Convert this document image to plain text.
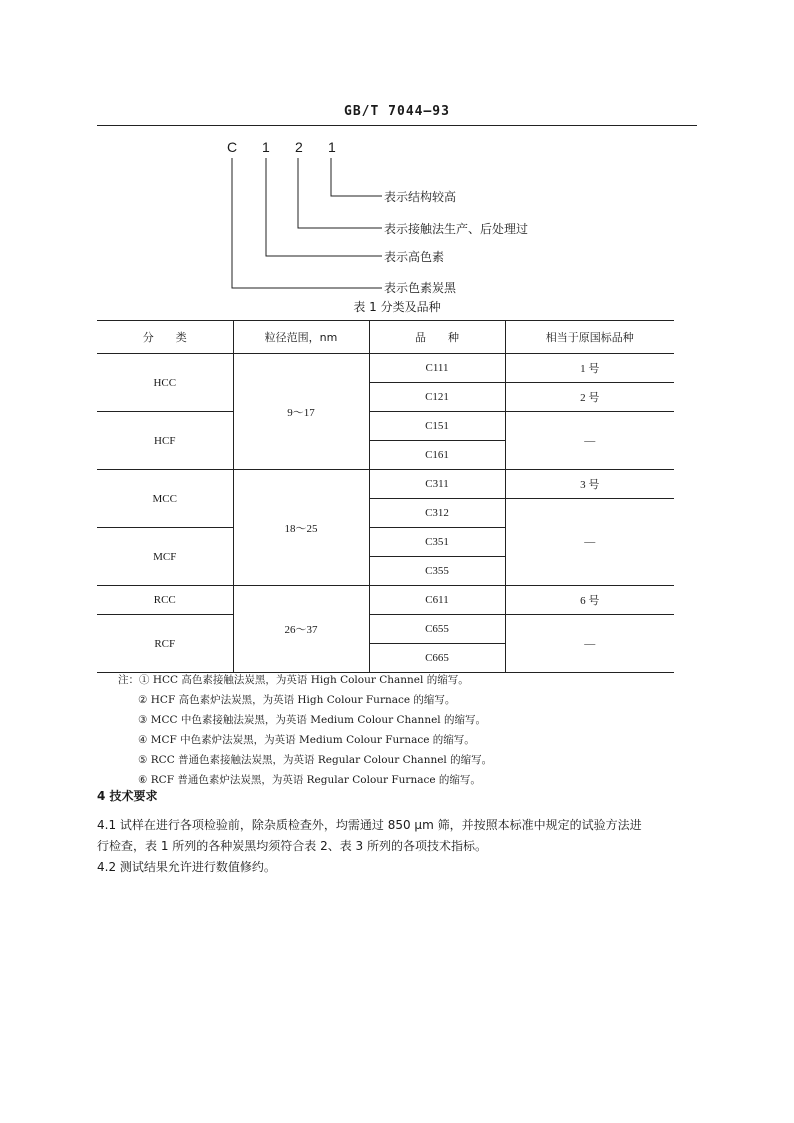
GB/T 7044—93
C 1 2 1
表示结构较高
表示接触法生产、后处理过
表示高色素
表示色素炭黑
表 1 分类及品种
分　　类	粒径范围，nm	品　　种	相当于原国标品种
HCC	9～17	C111	1 号
		C121	2 号
HCF		C151	—
		C161	
MCC	18～25	C311	3 号
		C312	—
MCF		C351	
		C355	
RCC	26～37	C611	6 号
RCF		C655	—
		C665	
注：① HCC 高色素接触法炭黑，为英语 High Colour Channel 的缩写。
② HCF 高色素炉法炭黑，为英语 High Colour Furnace 的缩写。
③ MCC 中色素接触法炭黑，为英语 Medium Colour Channel 的缩写。
④ MCF 中色素炉法炭黑，为英语 Medium Colour Furnace 的缩写。
⑤ RCC 普通色素接触法炭黑，为英语 Regular Colour Channel 的缩写。
⑥ RCF 普通色素炉法炭黑，为英语 Regular Colour Furnace 的缩写。
4 技术要求
4.1 试样在进行各项检验前，除杂质检查外，均需通过 850 μm 筛，并按照本标准中规定的试验方法进
行检查，表 1 所列的各种炭黑均须符合表 2、表 3 所列的各项技术指标。
4.2 测试结果允许进行数值修约。
